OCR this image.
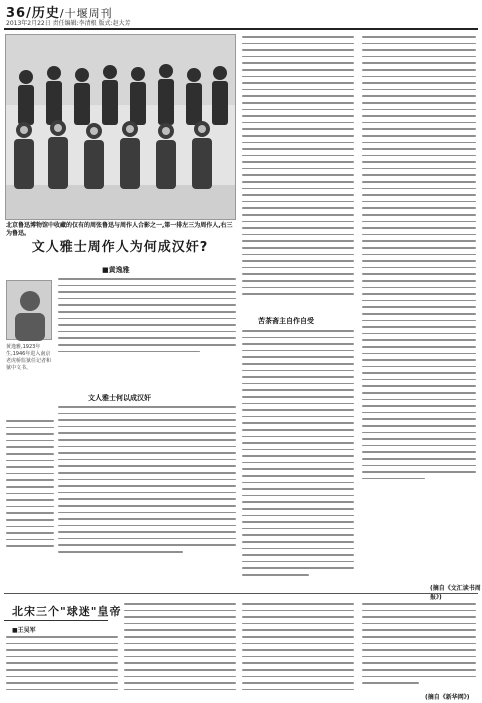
36/历史/十堰周刊
2013年2月22日 责任编辑:李清根 版式:赵大芳
北京鲁迅博物馆中收藏的仅有的周张鲁迅与周作人合影之一,第一排左三为周作人,右三为鲁迅。
文人雅士周作人为何成汉奸?
■黄逸雅
黄逸雅,1923年生,1946年进入南京老虎桥监狱任记者和狱中文书。
文人雅士何以成汉奸
苦茶斋主自作自受
(摘自《文汇读书周报》)
北宋三个"球迷"皇帝
■王吴军
(摘自《新华网》)
